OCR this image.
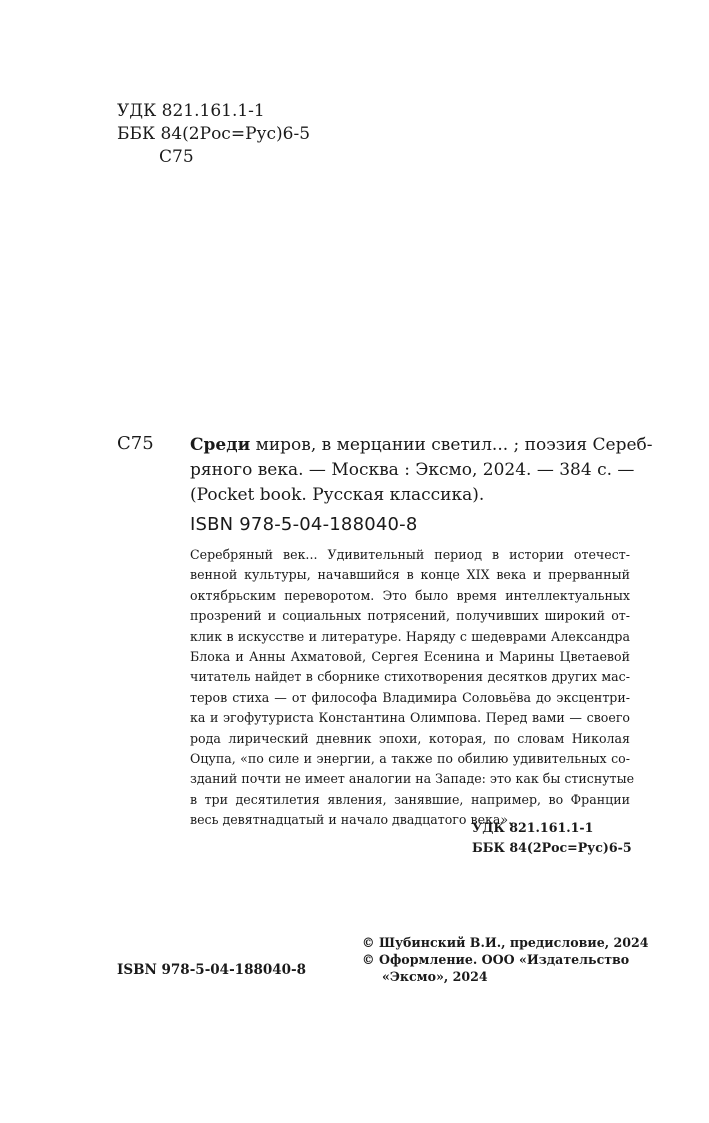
УДК 821.161.1-1
ББК 84(2Рос=Рус)6-5
С75
С75 Среди миров, в мерцании светил... ; поэзия Сереб-
ряного века. — Москва : Эксмо, 2024. — 384 с. —
(Pocket book. Русская классика).
ISBN 978-5-04-188040-8
Серебряный век... Удивительный период в истории отечест-
венной культуры, начавшийся в конце XIX века и прерванный
октябрьским переворотом. Это было время интеллектуальных
прозрений и социальных потрясений, получивших широкий от-
клик в искусстве и литературе. Наряду с шедеврами Александра
Блока и Анны Ахматовой, Сергея Есенина и Марины Цветаевой
читатель найдет в сборнике стихотворения десятков других мас-
теров стиха — от философа Владимира Соловьёва до эксцентри-
ка и эгофутуриста Константина Олимпова. Перед вами — своего
рода лирический дневник эпохи, которая, по словам Николая
Оцупа, «по силе и энергии, а также по обилию удивительных со-
зданий почти не имеет аналогии на Западе: это как бы стиснутые
в три десятилетия явления, занявшие, например, во Франции
весь девятнадцатый и начало двадцатого века».
УДК 821.161.1-1
ББК 84(2Рос=Рус)6-5
© Шубинский В.И., предисловие, 2024
© Оформление. ООО «Издательство
«Эксмо», 2024
ISBN 978-5-04-188040-8
